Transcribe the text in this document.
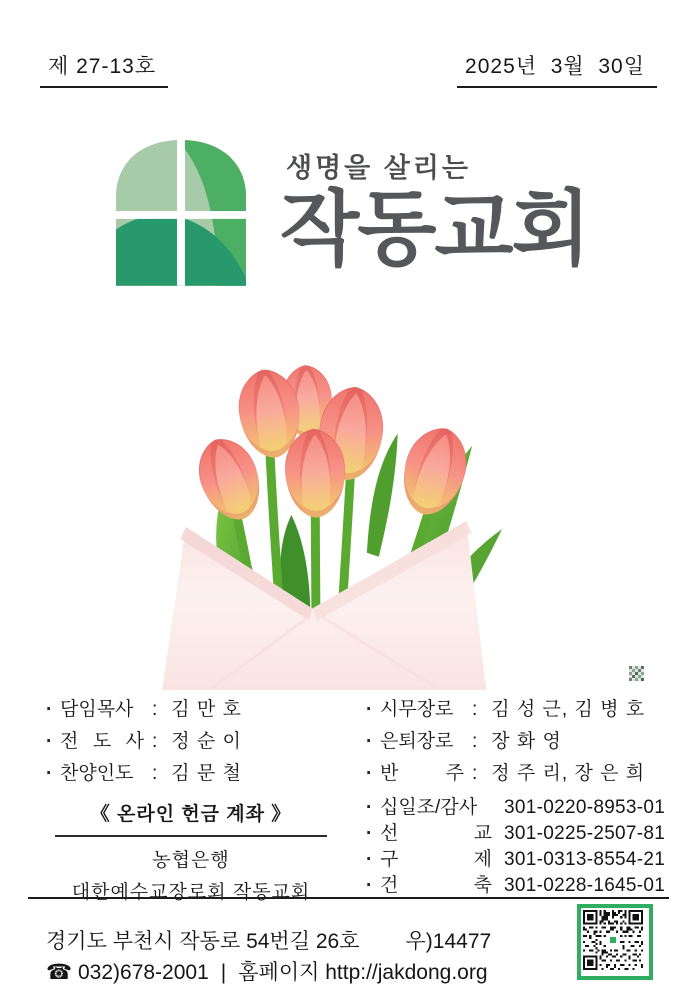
제 27-13호	2025년  3월  30일
생명을 살리는
작동교회
· 담임목사 : 김 만 호
· 전 도 사 : 정 순 이
· 찬양인도 : 김 문 철
· 시무장로 : 김 성 근, 김 병 호
· 은퇴장로 : 장 화 영
· 반 주 : 정 주 리, 장 은 희
《 온라인 헌금 계좌 》
농협은행
대한예수교장로회 작동교회
· 십일조/감사	301-0220-8953-01
· 선 교 301-0225-2507-81
· 구 제 301-0313-8554-21
· 건 축 301-0228-1645-01
경기도 부천시 작동로 54번길 26호 우)14477
☎ 032)678-2001 | 홈페이지 http://jakdong.org
